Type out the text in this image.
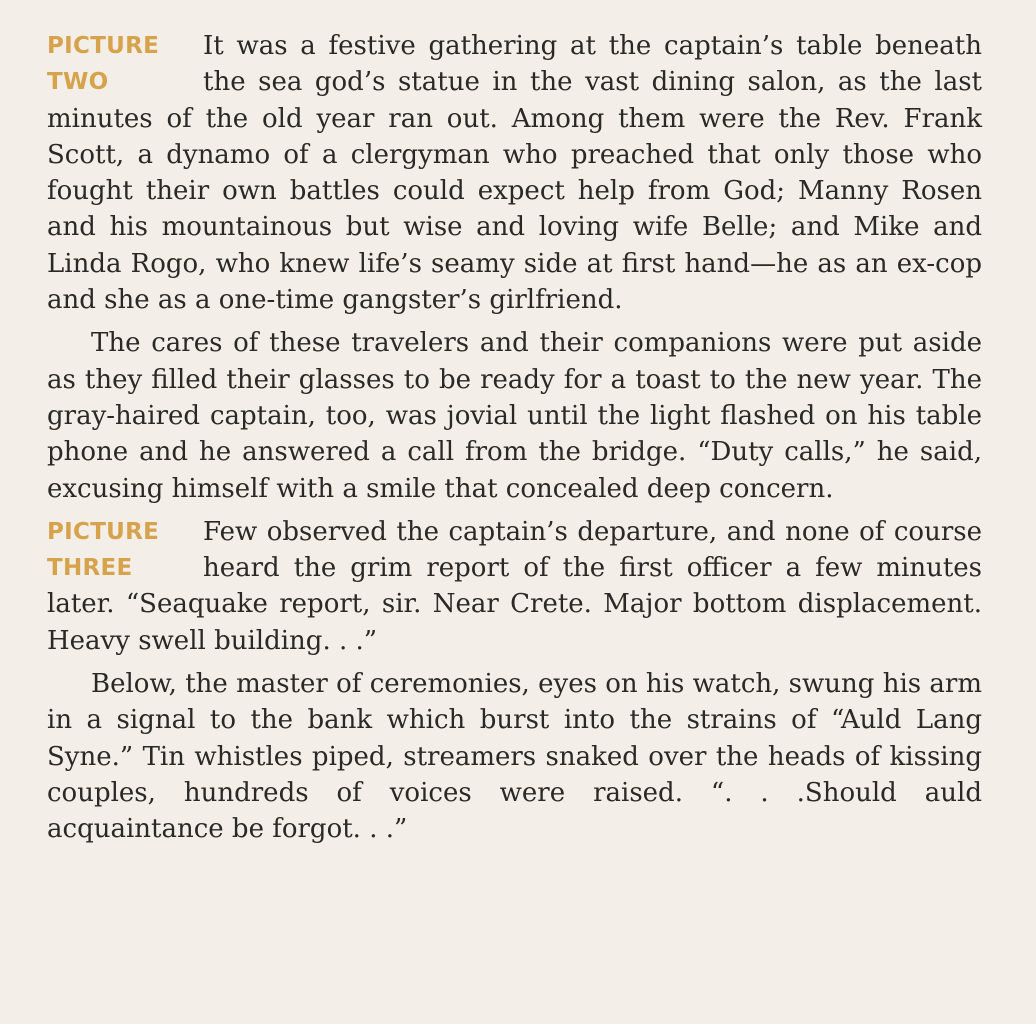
PICTURE
TWO

It was a festive gathering at the captain’s table beneath the sea god’s statue in the vast dining salon, as the last minutes of the old year ran out. Among them were the Rev. Frank Scott, a dynamo of a clergyman who preached that only those who fought their own battles could expect help from God; Manny Rosen and his mountainous but wise and loving wife Belle; and Mike and Linda Rogo, who knew life’s seamy side at first hand—he as an ex-cop and she as a one-time gangster’s girlfriend.

The cares of these travelers and their companions were put aside as they filled their glasses to be ready for a toast to the new year. The gray-haired captain, too, was jovial until the light flashed on his table phone and he answered a call from the bridge. “Duty calls,” he said, excusing himself with a smile that concealed deep concern.

PICTURE
THREE

Few observed the captain’s departure, and none of course heard the grim report of the first officer a few minutes later. “Seaquake report, sir. Near Crete. Major bottom displacement. Heavy swell building. . .”

Below, the master of ceremonies, eyes on his watch, swung his arm in a signal to the bank which burst into the strains of “Auld Lang Syne.” Tin whistles piped, streamers snaked over the heads of kissing couples, hundreds of voices were raised. “. . .Should auld acquaintance be forgot. . .”
